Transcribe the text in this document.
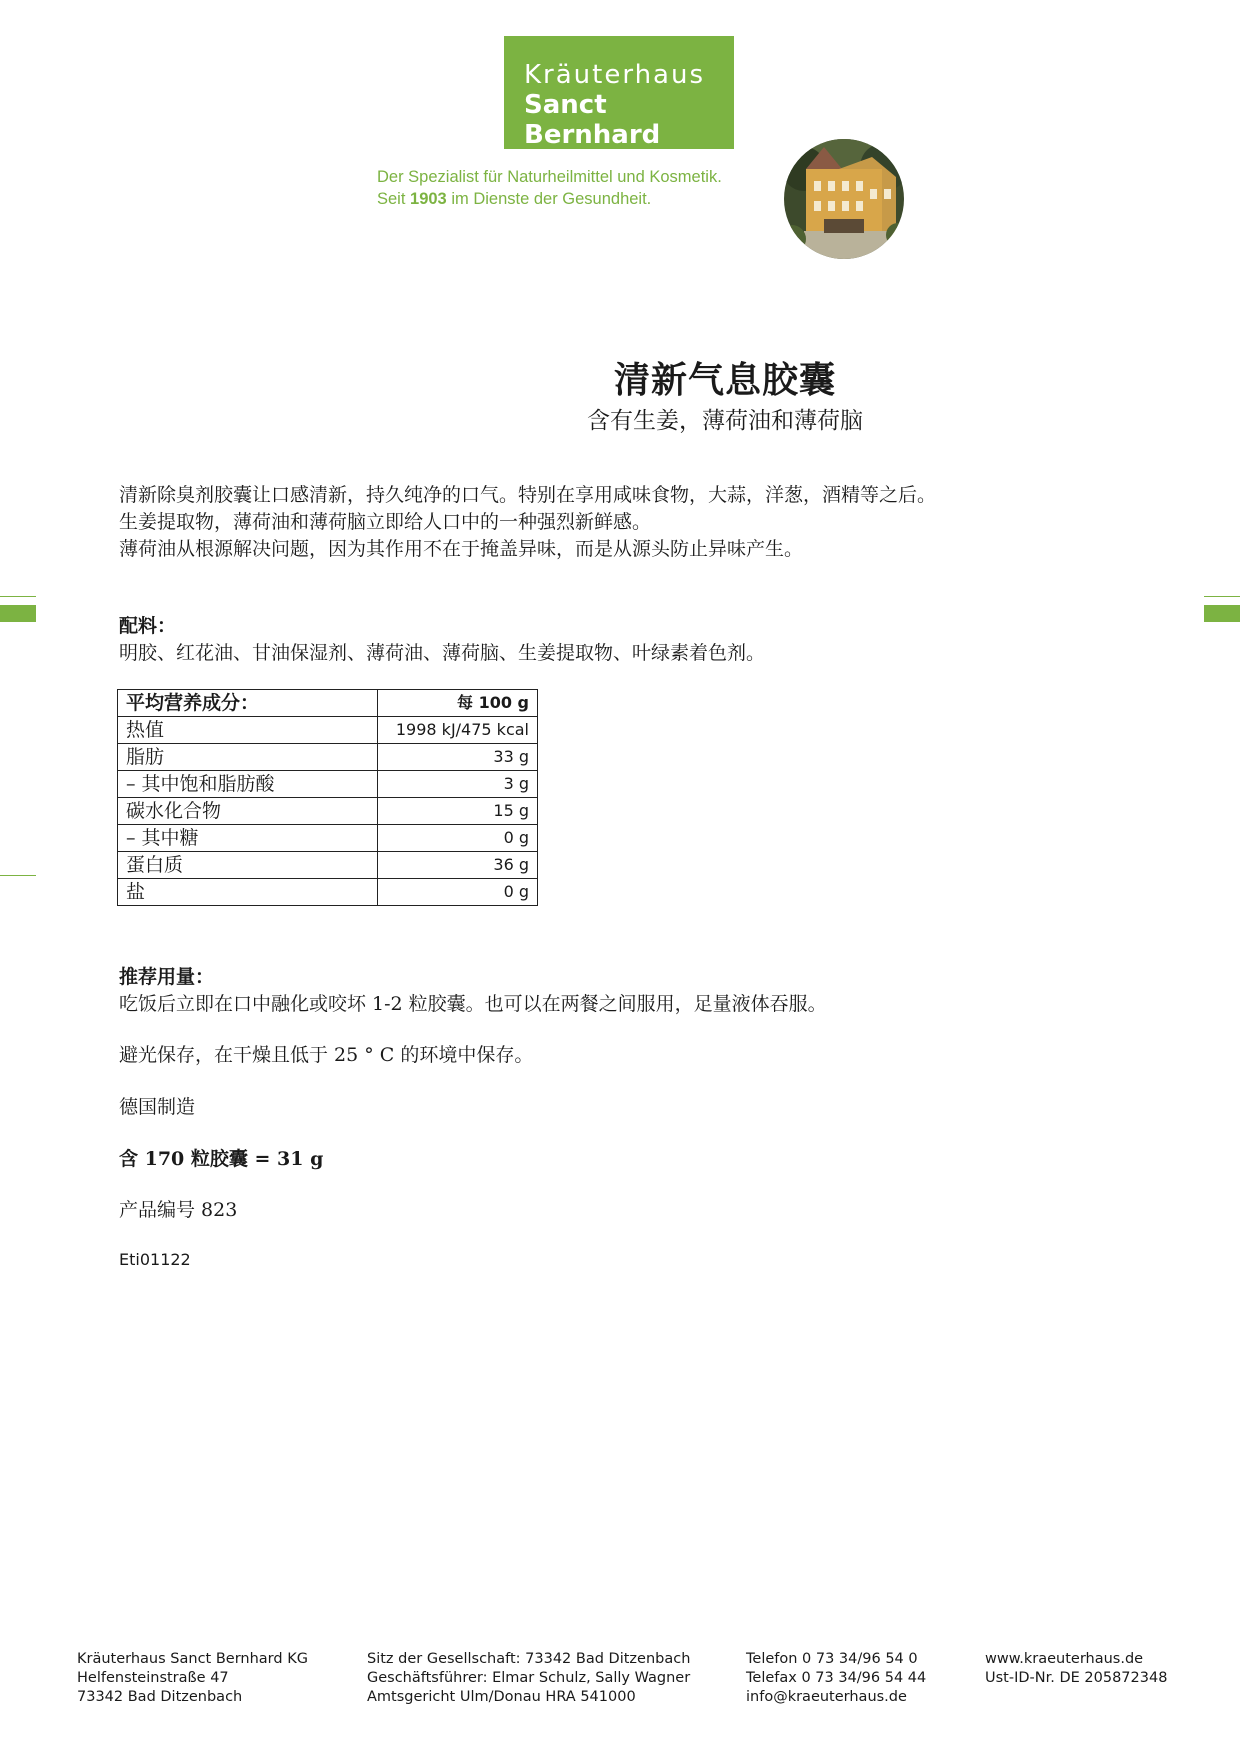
Kräuterhaus
Sanct Bernhard
Der Spezialist für Naturheilmittel und Kosmetik.
Seit 1903 im Dienste der Gesundheit.
清新气息胶囊
含有生姜，薄荷油和薄荷脑
清新除臭剂胶囊让口感清新，持久纯净的口气。特别在享用咸味食物，大蒜，洋葱，酒精等之后。
生姜提取物，薄荷油和薄荷脑立即给人口中的一种强烈新鲜感。
薄荷油从根源解决问题，因为其作用不在于掩盖异味，而是从源头防止异味产生。
配料：
明胶、红花油、甘油保湿剂、薄荷油、薄荷脑、生姜提取物、叶绿素着色剂。
平均营养成分：	每 100 g
热值	1998 kJ/475 kcal
脂肪	33 g
– 其中饱和脂肪酸	3 g
碳水化合物	15 g
– 其中糖	0 g
蛋白质	36 g
盐	0 g
推荐用量：
吃饭后立即在口中融化或咬坏 1-2 粒胶囊。也可以在两餐之间服用，足量液体吞服。
避光保存，在干燥且低于 25 ° C 的环境中保存。
德国制造
含 170 粒胶囊 = 31 g
产品编号 823
Eti01122
Kräuterhaus Sanct Bernhard KG
Helfensteinstraße 47
73342 Bad Ditzenbach
Sitz der Gesellschaft: 73342 Bad Ditzenbach
Geschäftsführer: Elmar Schulz, Sally Wagner
Amtsgericht Ulm/Donau HRA 541000
Telefon 0 73 34/96 54 0
Telefax 0 73 34/96 54 44
info@kraeuterhaus.de
www.kraeuterhaus.de
Ust-ID-Nr. DE 205872348
